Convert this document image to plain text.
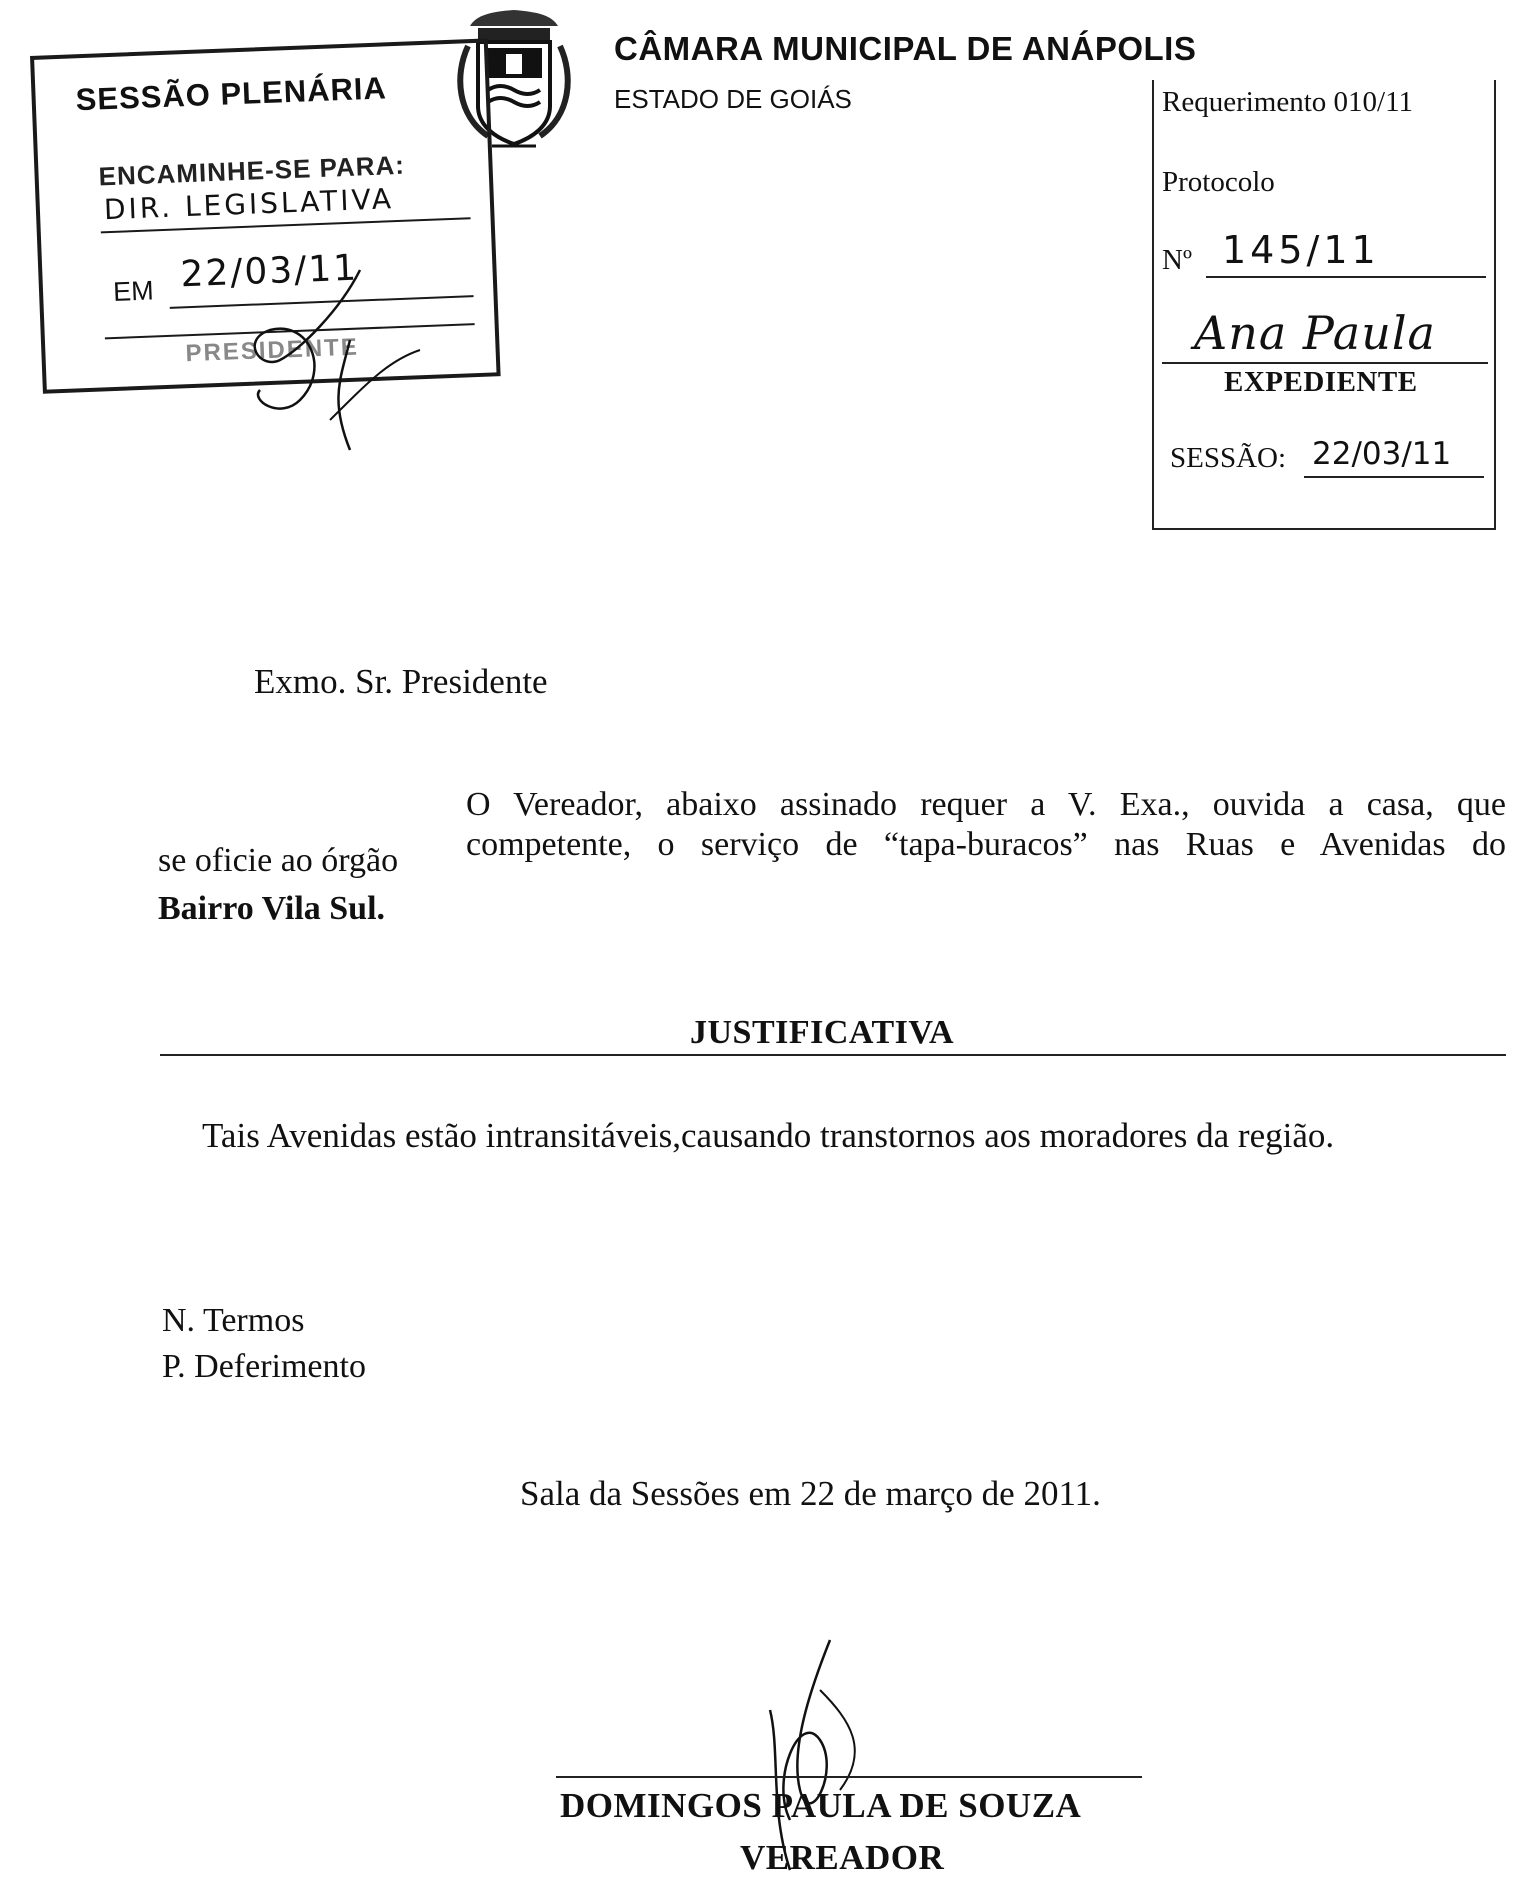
CÂMARA MUNICIPAL DE ANÁPOLIS
ESTADO DE GOIÁS
SESSÃO PLENÁRIA
ENCAMINHE-SE PARA:
DIR. LEGISLATIVA
EM 22/03/11
PRESIDENTE
Requerimento 010/11
Protocolo
Nº 145/11
Ana Paula
EXPEDIENTE
SESSÃO: 22/03/11
Exmo. Sr. Presidente
O Vereador, abaixo assinado requer a V. Exa., ouvida a casa, que
se oficie ao órgão competente, o serviço de “tapa-buracos” nas Ruas e Avenidas do
Bairro Vila Sul.
JUSTIFICATIVA
Tais Avenidas estão intransitáveis,causando transtornos aos moradores da região.
N. Termos
P. Deferimento
Sala da Sessões em 22 de março de 2011.
DOMINGOS PAULA DE SOUZA
VEREADOR
